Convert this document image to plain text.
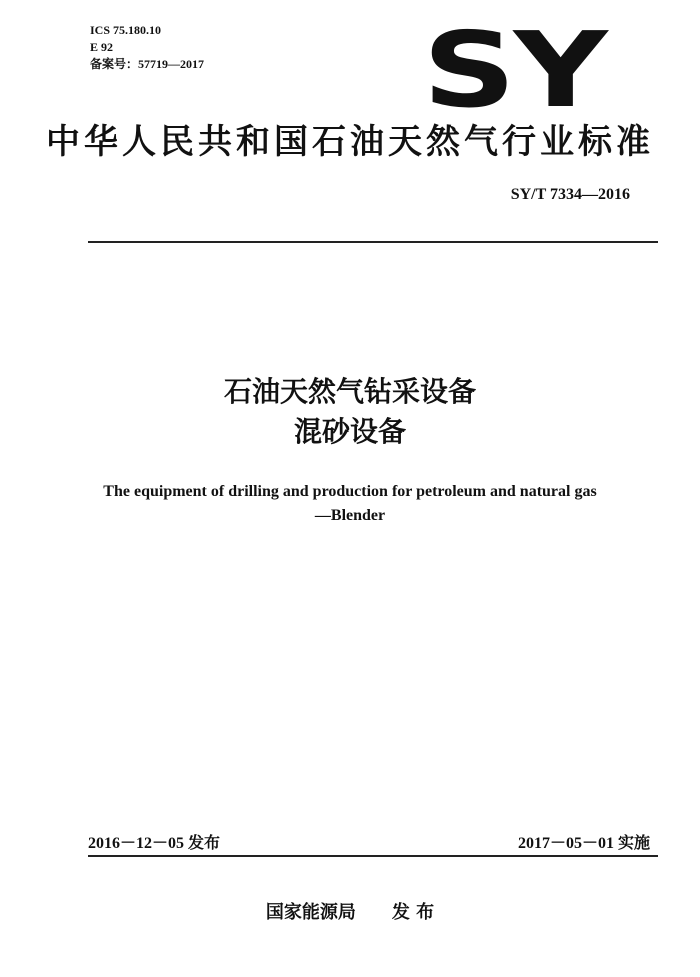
ICS 75.180.10
E 92
备案号：57719—2017 SY
中华人民共和国石油天然气行业标准
SY/T 7334—2016
石油天然气钻采设备
混砂设备
The equipment of drilling and production for petroleum and natural gas
—Blender
2016－12－05 发布	2017－05－01 实施
国家能源局 发 布
